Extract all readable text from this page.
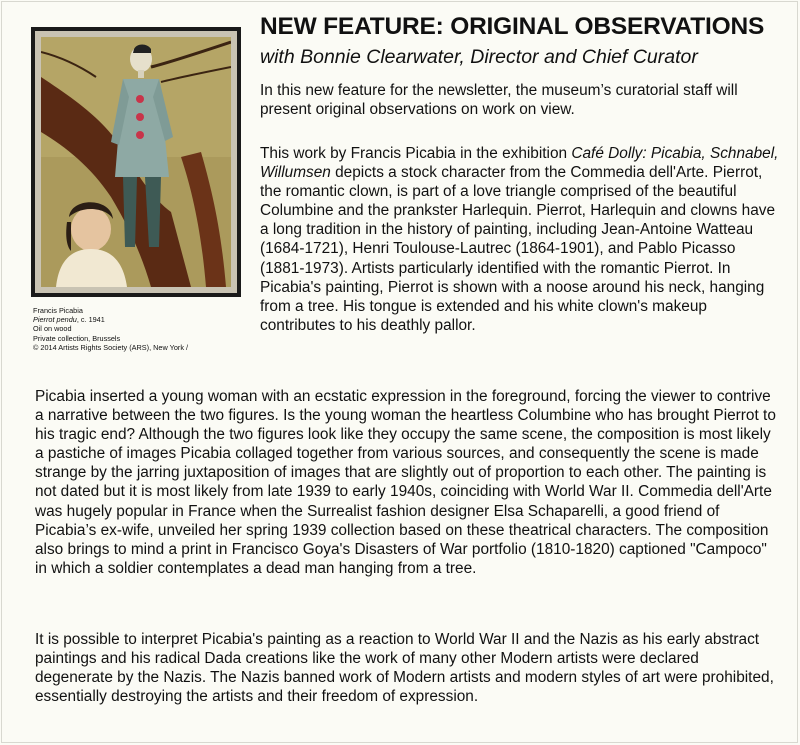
Francis Picabia
Pierrot pendu, c. 1941
Oil on wood
Private collection, Brussels
© 2014 Artists Rights Society (ARS), New York /
NEW FEATURE: ORIGINAL OBSERVATIONS
with Bonnie Clearwater, Director and Chief Curator

In this new feature for the newsletter, the museum’s curatorial staff will present original observations on work on view.

This work by Francis Picabia in the exhibition Café Dolly: Picabia, Schnabel, Willumsen depicts a stock character from the Commedia dell'Arte. Pierrot, the romantic clown, is part of a love triangle comprised of the beautiful Columbine and the prankster Harlequin. Pierrot, Harlequin and clowns have a long tradition in the history of painting, including Jean-Antoine Watteau (1684-1721), Henri Toulouse-Lautrec (1864-1901), and Pablo Picasso (1881-1973). Artists particularly identified with the romantic Pierrot. In Picabia's painting, Pierrot is shown with a noose around his neck, hanging from a tree. His tongue is extended and his white clown's makeup contributes to his deathly pallor.

Picabia inserted a young woman with an ecstatic expression in the foreground, forcing the viewer to contrive a narrative between the two figures. Is the young woman the heartless Columbine who has brought Pierrot to his tragic end? Although the two figures look like they occupy the same scene, the composition is most likely a pastiche of images Picabia collaged together from various sources, and consequently the scene is made strange by the jarring juxtaposition of images that are slightly out of proportion to each other. The painting is not dated but it is most likely from late 1939 to early 1940s, coinciding with World War II. Commedia dell'Arte was hugely popular in France when the Surrealist fashion designer Elsa Schaparelli, a good friend of Picabia’s ex-wife, unveiled her spring 1939 collection based on these theatrical characters. The composition also brings to mind a print in Francisco Goya's Disasters of War portfolio (1810-1820) captioned "Campoco" in which a soldier contemplates a dead man hanging from a tree.

It is possible to interpret Picabia's painting as a reaction to World War II and the Nazis as his early abstract paintings and his radical Dada creations like the work of many other Modern artists were declared degenerate by the Nazis. The Nazis banned work of Modern artists and modern styles of art were prohibited, essentially destroying the artists and their freedom of expression.
